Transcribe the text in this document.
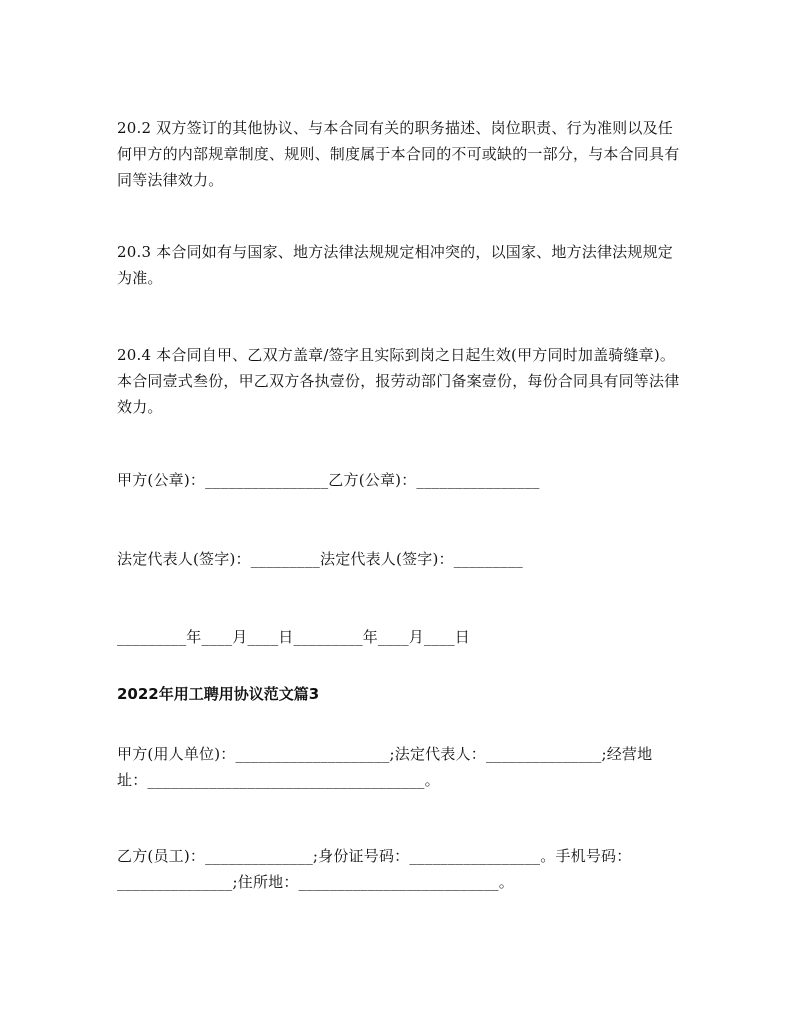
20.2 双方签订的其他协议、与本合同有关的职务描述、岗位职责、行为准则以及任何甲方的内部规章制度、规则、制度属于本合同的不可或缺的一部分，与本合同具有同等法律效力。

20.3 本合同如有与国家、地方法律法规规定相冲突的，以国家、地方法律法规规定为准。

20.4 本合同自甲、乙双方盖章/签字且实际到岗之日起生效(甲方同时加盖骑缝章)。本合同壹式叁份，甲乙双方各执壹份，报劳动部门备案壹份，每份合同具有同等法律效力。

甲方(公章)：________________乙方(公章)：________________

法定代表人(签字)：_________法定代表人(签字)：_________

_________年____月____日_________年____月____日

2022年用工聘用协议范文篇3

甲方(用人单位)：____________________;法定代表人：_______________;经营地址：____________________________________。

乙方(员工)：______________;身份证号码：_________________。手机号码：_______________;住所地：__________________________。
